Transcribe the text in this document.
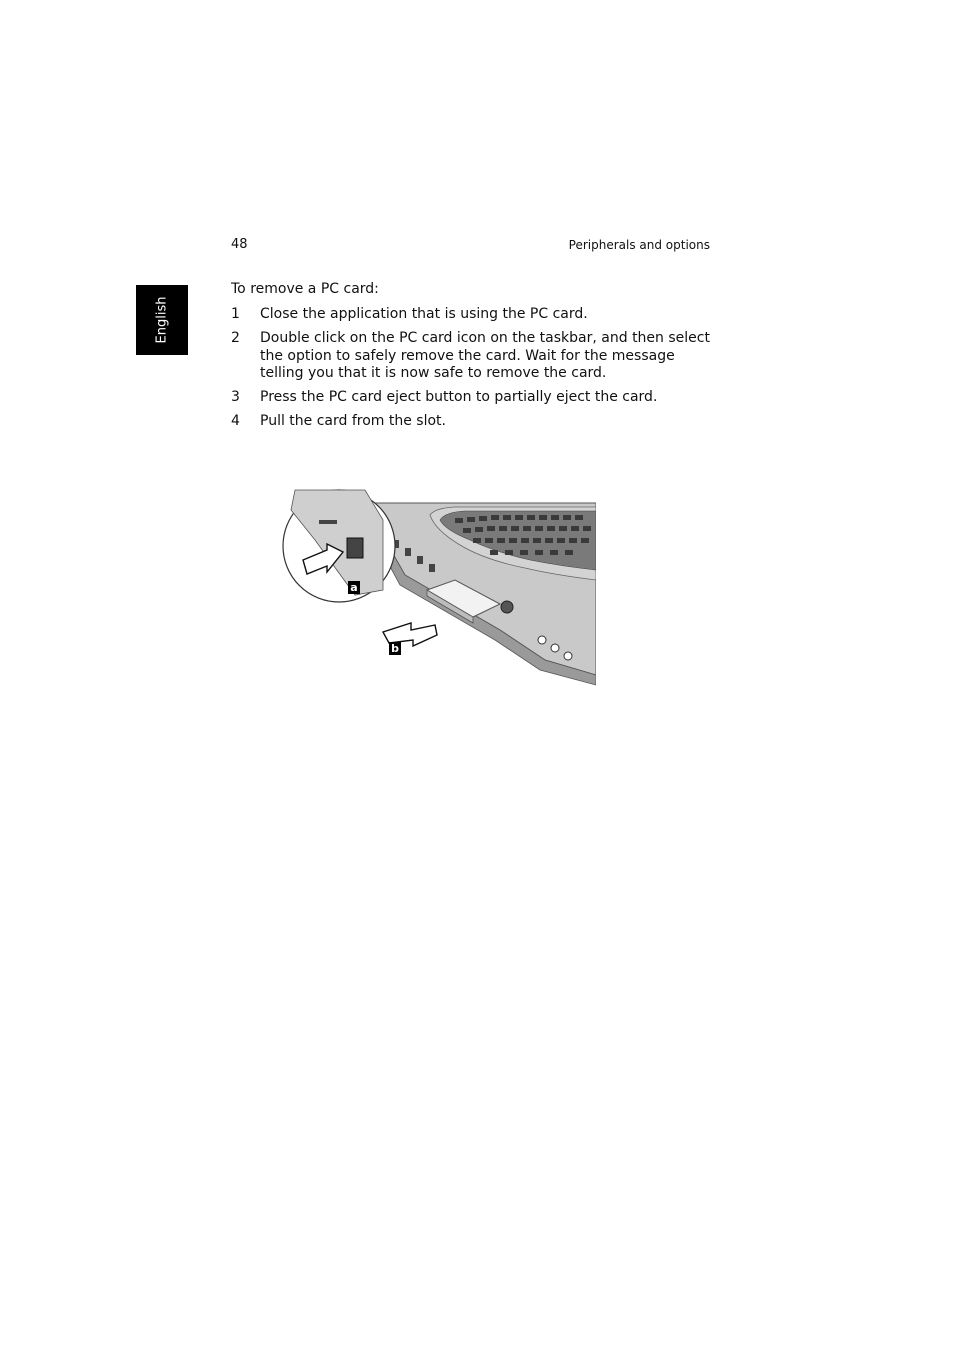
48	Peripherals and options
English
To remove a PC card:
1 Close the application that is using the PC card.
2 Double click on the PC card icon on the taskbar, and then select the option to safely remove the card. Wait for the message telling you that it is now safe to remove the card.
3 Press the PC card eject button to partially eject the card.
4 Pull the card from the slot.
a
b
